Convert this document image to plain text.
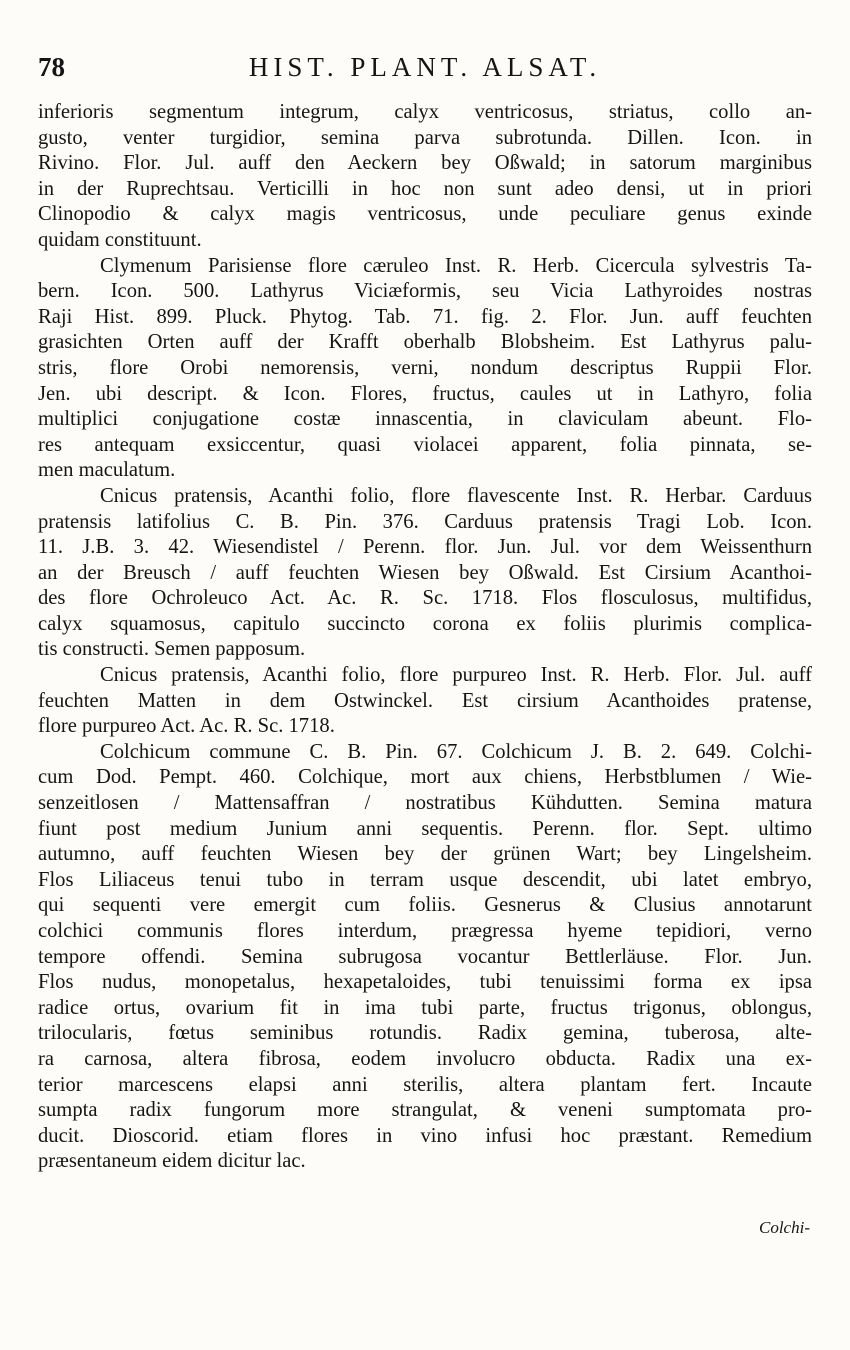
78	HIST. PLANT. ALSAT.
inferioris segmentum integrum, calyx ventricosus, striatus, collo an-
gusto, venter turgidior, semina parva subrotunda. Dillen. Icon. in
Rivino. Flor. Jul. auff den Aeckern bey Oßwald; in satorum marginibus
in der Ruprechtsau. Verticilli in hoc non sunt adeo densi, ut in priori
Clinopodio & calyx magis ventricosus, unde peculiare genus exinde
quidam constituunt.
Clymenum Parisiense flore cæruleo Inst. R. Herb. Cicercula sylvestris Ta-
bern. Icon. 500. Lathyrus Viciæformis, seu Vicia Lathyroides nostras
Raji Hist. 899. Pluck. Phytog. Tab. 71. fig. 2. Flor. Jun. auff feuchten
grasichten Orten auff der Krafft oberhalb Blobsheim. Est Lathyrus palu-
stris, flore Orobi nemorensis, verni, nondum descriptus Ruppii Flor.
Jen. ubi descript. & Icon. Flores, fructus, caules ut in Lathyro, folia
multiplici conjugatione costæ innascentia, in claviculam abeunt. Flo-
res antequam exsiccentur, quasi violacei apparent, folia pinnata, se-
men maculatum.
Cnicus pratensis, Acanthi folio, flore flavescente Inst. R. Herbar. Carduus
pratensis latifolius C. B. Pin. 376. Carduus pratensis Tragi Lob. Icon.
11. J.B. 3. 42. Wiesendistel / Perenn. flor. Jun. Jul. vor dem Weissenthurn
an der Breusch / auff feuchten Wiesen bey Oßwald. Est Cirsium Acanthoi-
des flore Ochroleuco Act. Ac. R. Sc. 1718. Flos flosculosus, multifidus,
calyx squamosus, capitulo succincto corona ex foliis plurimis complica-
tis constructi. Semen papposum.
Cnicus pratensis, Acanthi folio, flore purpureo Inst. R. Herb. Flor. Jul. auff
feuchten Matten in dem Ostwinckel. Est cirsium Acanthoides pratense,
flore purpureo Act. Ac. R. Sc. 1718.
Colchicum commune C. B. Pin. 67. Colchicum J. B. 2. 649. Colchi-
cum Dod. Pempt. 460. Colchique, mort aux chiens, Herbstblumen / Wie-
senzeitlosen / Mattensaffran / nostratibus Kühdutten. Semina matura
fiunt post medium Junium anni sequentis. Perenn. flor. Sept. ultimo
autumno, auff feuchten Wiesen bey der grünen Wart; bey Lingelsheim.
Flos Liliaceus tenui tubo in terram usque descendit, ubi latet embryo,
qui sequenti vere emergit cum foliis. Gesnerus & Clusius annotarunt
colchici communis flores interdum, prægressa hyeme tepidiori, verno
tempore offendi. Semina subrugosa vocantur Bettlerläuse. Flor. Jun.
Flos nudus, monopetalus, hexapetaloides, tubi tenuissimi forma ex ipsa
radice ortus, ovarium fit in ima tubi parte, fructus trigonus, oblongus,
trilocularis, fœtus seminibus rotundis. Radix gemina, tuberosa, alte-
ra carnosa, altera fibrosa, eodem involucro obducta. Radix una ex-
terior marcescens elapsi anni sterilis, altera plantam fert. Incaute
sumpta radix fungorum more strangulat, & veneni sumptomata pro-
ducit. Dioscorid. etiam flores in vino infusi hoc præstant. Remedium
præsentaneum eidem dicitur lac.
Colchi-
